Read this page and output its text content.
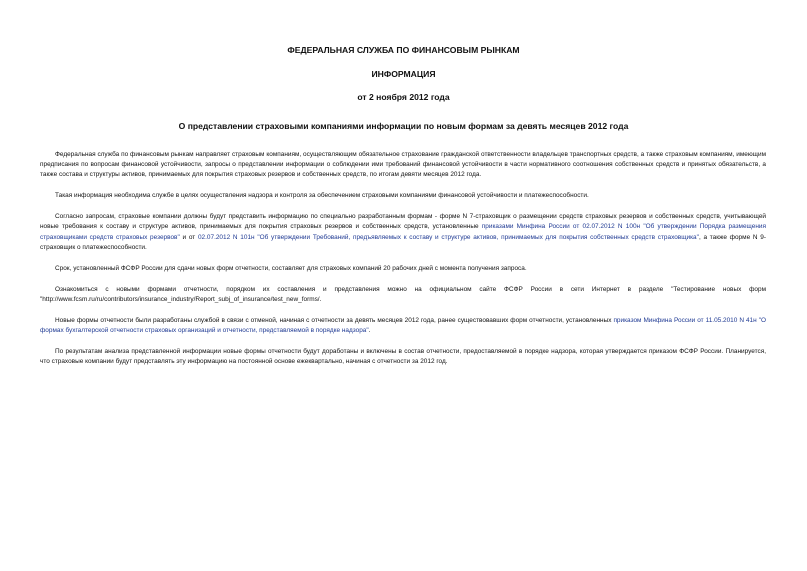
ФЕДЕРАЛЬНАЯ СЛУЖБА ПО ФИНАНСОВЫМ РЫНКАМ
ИНФОРМАЦИЯ
от 2 ноября 2012 года
О представлении страховыми компаниями информации по новым формам за девять месяцев 2012 года

Федеральная служба по финансовым рынкам направляет страховым компаниям, осуществляющим обязательное страхование гражданской ответственности владельцев транспортных средств, а также страховым компаниям, имеющим предписания по вопросам финансовой устойчивости, запросы о представлении информации о соблюдении ими требований финансовой устойчивости в части нормативного соотношения собственных средств и принятых обязательств, а также состава и структуры активов, принимаемых для покрытия страховых резервов и собственных средств, по итогам девяти месяцев 2012 года.

Такая информация необходима службе в целях осуществления надзора и контроля за обеспечением страховыми компаниями финансовой устойчивости и платежеспособности.

Согласно запросам, страховые компании должны будут представить информацию по специально разработанным формам - форме N 7-страховщик о размещении средств страховых резервов и собственных средств, учитывающей новые требования к составу и структуре активов, принимаемых для покрытия страховых резервов и собственных средств, установленные приказами Минфина России от 02.07.2012 N 100н "Об утверждении Порядка размещения страховщиками средств страховых резервов" и от 02.07.2012 N 101н "Об утверждении Требований, предъявляемых к составу и структуре активов, принимаемых для покрытия собственных средств страховщика", а также форме N 9-страховщик о платежеспособности.

Срок, установленный ФСФР России для сдачи новых форм отчетности, составляет для страховых компаний 20 рабочих дней с момента получения запроса.

Ознакомиться с новыми формами отчетности, порядком их составления и представления можно на официальном сайте ФСФР России в сети Интернет в разделе "Тестирование новых форм "http://www.fcsm.ru/ru/contributors/insurance_industry/Report_subj_of_insurance/test_new_forms/.

Новые формы отчетности были разработаны службой в связи с отменой, начиная с отчетности за девять месяцев 2012 года, ранее существовавших форм отчетности, установленных приказом Минфина России от 11.05.2010 N 41н "О формах бухгалтерской отчетности страховых организаций и отчетности, представляемой в порядке надзора".

По результатам анализа представленной информации новые формы отчетности будут доработаны и включены в состав отчетности, предоставляемой в порядке надзора, которая утверждается приказом ФСФР России. Планируется, что страховые компании будут представлять эту информацию на постоянной основе ежеквартально, начиная с отчетности за 2012 год.
